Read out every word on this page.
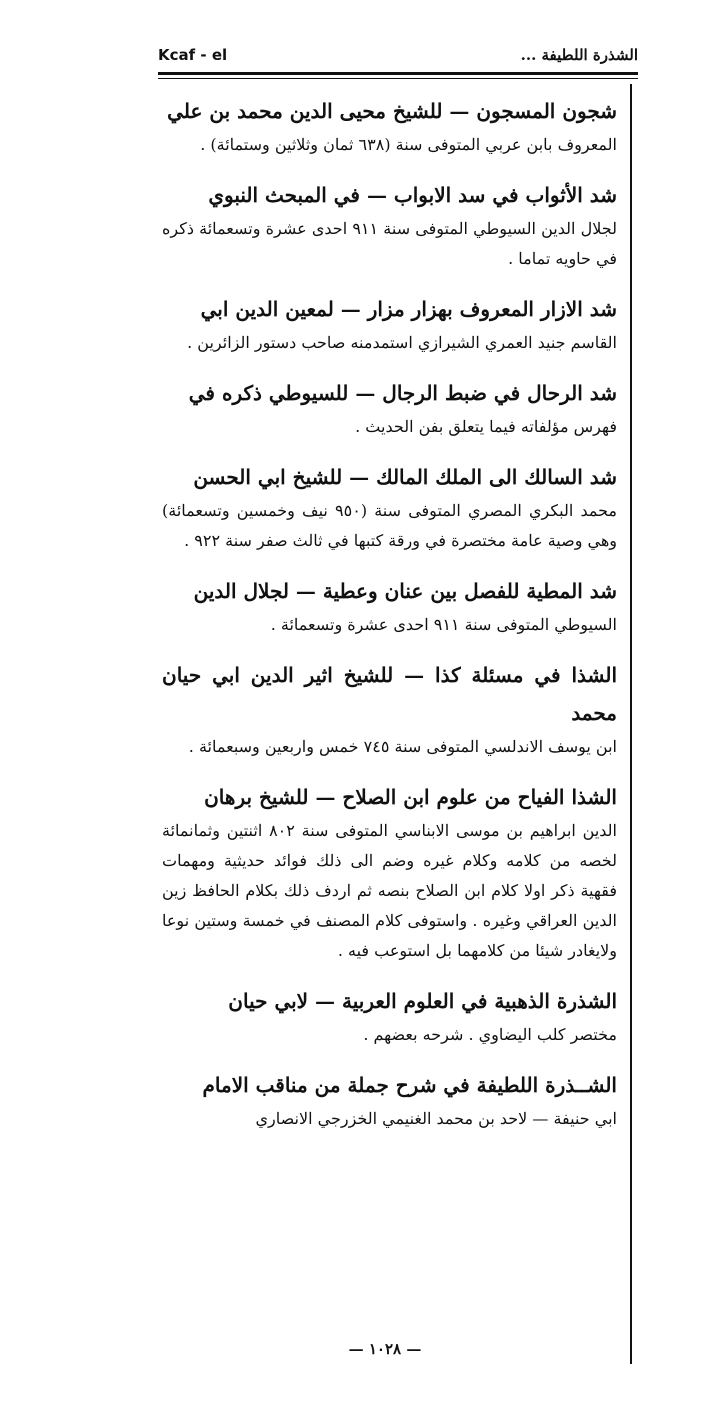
Kcaf - el	الشذرة اللطيفة ...
شجون المسجون — للشيخ محيى الدين محمد بن علي
المعروف بابن عربي المتوفى سنة (٦٣٨ ثمان وثلاثين وستمائة) .
شد الأثواب في سد الابواب — في المبحث النبوي
لجلال الدين السيوطي المتوفى سنة ٩١١ احدى عشرة وتسعمائة ذكره في حاويه تماما .
شد الازار المعروف بهزار مزار — لمعين الدين ابي
القاسم جنيد العمري الشيرازي استمدمنه صاحب دستور الزائرين .
شد الرحال في ضبط الرجال — للسيوطي ذكره في
فهرس مؤلفاته فيما يتعلق بفن الحديث .
شد السالك الى الملك المالك — للشيخ ابي الحسن
محمد البكري المصري المتوفى سنة (٩٥٠ نيف وخمسين وتسعمائة) وهي وصية عامة مختصرة في ورقة كتبها في ثالث صفر سنة ٩٢٢ .
شد المطية للفصل بين عنان وعطية — لجلال الدين
السيوطي المتوفى سنة ٩١١ احدى عشرة وتسعمائة .
الشذا في مسئلة كذا — للشيخ اثير الدين ابي حيان محمد
ابن يوسف الاندلسي المتوفى سنة ٧٤٥ خمس واربعين وسبعمائة .
الشذا الفياح من علوم ابن الصلاح — للشيخ برهان
الدين ابراهيم بن موسى الابناسي المتوفى سنة ٨٠٢ اثنتين وثمانمائة لخصه من كلامه وكلام غيره وضم الى ذلك فوائد حديثية ومهمات فقهية ذكر اولا كلام ابن الصلاح بنصه ثم اردف ذلك بكلام الحافظ زين الدين العراقي وغيره . واستوفى كلام المصنف في خمسة وستين نوعا ولايغادر شيئا من كلامهما بل استوعب فيه .
الشذرة الذهبية في العلوم العربية — لابي حيان
مختصر كلب اليضاوي . شرحه بعضهم .
الشــذرة اللطيفة في شرح جملة من مناقب الامام
ابي حنيفة — لاحد بن محمد الغنيمي الخزرجي الانصاري
— ١٠٢٨ —
